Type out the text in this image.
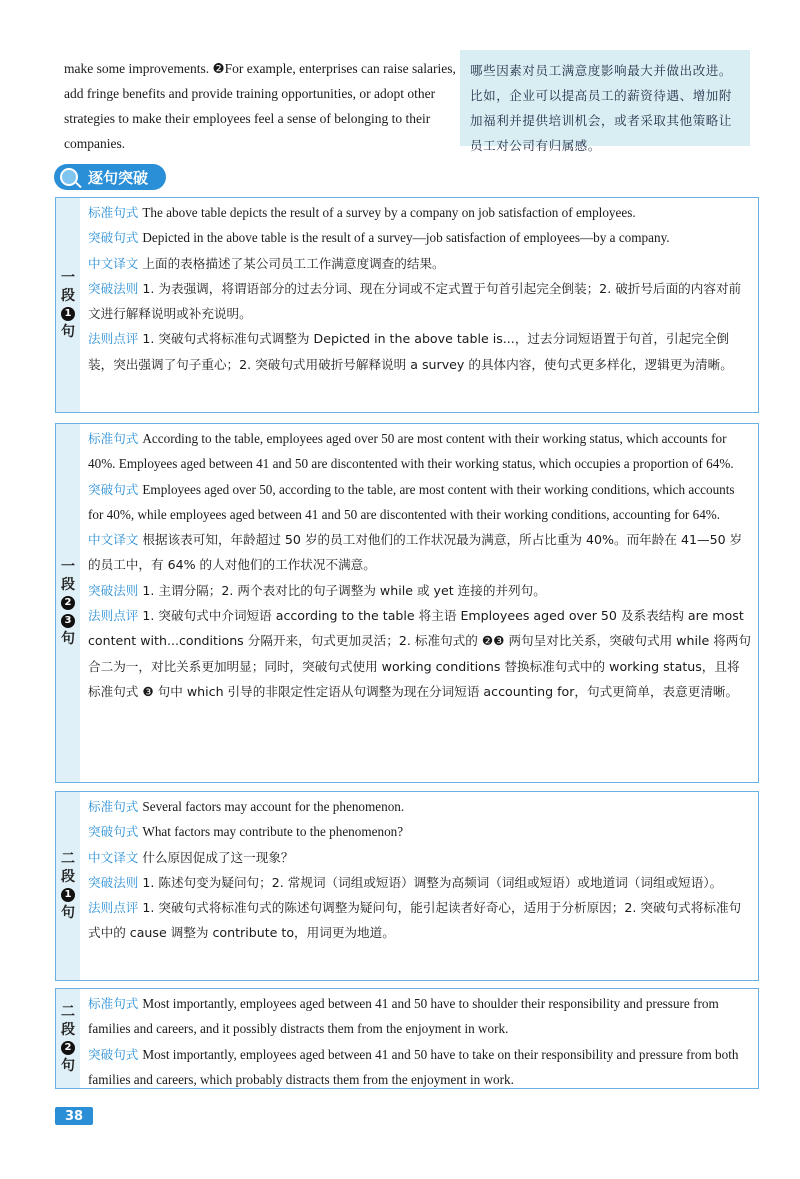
make some improvements. ❷For example, enterprises can raise salaries, add fringe benefits and provide training opportunities, or adopt other strategies to make their employees feel a sense of belonging to their companies.
哪些因素对员工满意度影响最大并做出改进。比如，企业可以提高员工的薪资待遇、增加附加福利并提供培训机会，或者采取其他策略让员工对公司有归属感。
逐句突破
一
段
1
句

标准句式 The above table depicts the result of a survey by a company on job satisfaction of employees.

突破句式 Depicted in the above table is the result of a survey—job satisfaction of employees—by a company.

中文译文 上面的表格描述了某公司员工工作满意度调查的结果。

突破法则 1. 为表强调，将谓语部分的过去分词、现在分词或不定式置于句首引起完全倒装；2. 破折号后面的内容对前文进行解释说明或补充说明。

法则点评 1. 突破句式将标准句式调整为 Depicted in the above table is...，过去分词短语置于句首，引起完全倒装，突出强调了句子重心；2. 突破句式用破折号解释说明 a survey 的具体内容，使句式更多样化，逻辑更为清晰。

一
段
2
3
句

标准句式 According to the table, employees aged over 50 are most content with their working status, which accounts for 40%. Employees aged between 41 and 50 are discontented with their working status, which occupies a proportion of 64%.

突破句式 Employees aged over 50, according to the table, are most content with their working conditions, which accounts for 40%, while employees aged between 41 and 50 are discontented with their working conditions, accounting for 64%.

中文译文 根据该表可知，年龄超过 50 岁的员工对他们的工作状况最为满意，所占比重为 40%。而年龄在 41—50 岁的员工中，有 64% 的人对他们的工作状况不满意。

突破法则 1. 主谓分隔；2. 两个表对比的句子调整为 while 或 yet 连接的并列句。

法则点评 1. 突破句式中介词短语 according to the table 将主语 Employees aged over 50 及系表结构 are most content with...conditions 分隔开来，句式更加灵活；2. 标准句式的 ❷❸ 两句呈对比关系，突破句式用 while 将两句合二为一，对比关系更加明显；同时，突破句式使用 working conditions 替换标准句式中的 working status，且将标准句式 ❸ 句中 which 引导的非限定性定语从句调整为现在分词短语 accounting for，句式更简单，表意更清晰。

二
段
1
句

标准句式 Several factors may account for the phenomenon.

突破句式 What factors may contribute to the phenomenon?

中文译文 什么原因促成了这一现象？

突破法则 1. 陈述句变为疑问句；2. 常规词（词组或短语）调整为高频词（词组或短语）或地道词（词组或短语）。

法则点评 1. 突破句式将标准句式的陈述句调整为疑问句，能引起读者好奇心，适用于分析原因；2. 突破句式将标准句式中的 cause 调整为 contribute to，用词更为地道。

二
段
2
句

标准句式 Most importantly, employees aged between 41 and 50 have to shoulder their responsibility and pressure from families and careers, and it possibly distracts them from the enjoyment in work.

突破句式 Most importantly, employees aged between 41 and 50 have to take on their responsibility and pressure from both families and careers, which probably distracts them from the enjoyment in work.

38
